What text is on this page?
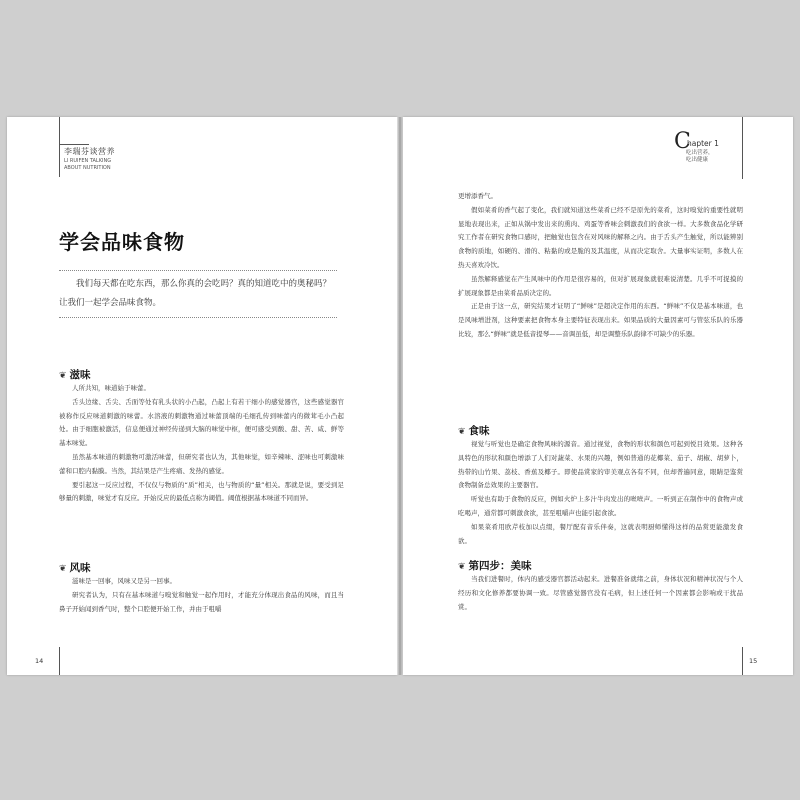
李瑞芬谈营养
LI RUIFEN TALKING
ABOUT NUTRITION
学会品味食物
我们每天都在吃东西，那么你真的会吃吗？真的知道吃中的奥秘吗？让我们一起学会品味食物。
❦ 滋味

人所共知，味道始于味蕾。

舌头边缘、舌尖、舌面等处有乳头状的小凸起，凸起上有若干细小的感觉器官，这些感觉器官被称作反应味道刺激的味蕾。水溶液的刺激物通过味蕾顶端的毛细孔传到味蕾内的微茸毛小凸起处。由于细胞被激活，信息便通过神经传递到大脑的味觉中枢，便可感受到酸、甜、苦、咸、鲜等基本味觉。

虽然基本味道的刺激物可激活味蕾，但研究者也认为，其他味觉，如辛辣味、涩味也可刺激味蕾和口腔内黏膜。当然，其结果是产生疼痛、发热的感觉。

要引起这一反应过程，不仅仅与物质的“质”相关，也与物质的“量”相关。那就是说，要受到足够量的刺激，味觉才有反应。开始反应的最低点称为阈值。阈值根据基本味道不同而异。

❦ 风味

滋味是一回事，风味又是另一回事。

研究者认为，只有在基本味道与嗅觉和触觉一起作用时，才能充分体现出食品的风味，而且当鼻子开始闻到香气时，整个口腔便开始工作，并由于咀嚼

14
C
hapter 1
吃出营养，
吃出健康

更增添香气。

假如菜肴的香气起了变化，我们就知道这些菜肴已经不是原先的菜肴，这时嗅觉的重要性就明显地表现出来，正如从锅中发出来的熏肉、鸡蛋等香味会刺激我们的食欲一样。大多数食品化学研究工作者在研究食物口感时，把触觉也包含在对风味的解释之内。由于舌头产生触觉，所以能辨别食物的质地，如硬的、滑的、粘黏的或是脆的及其温度，从而决定取舍。大量事实证明，多数人在热天喜欢冷饮。

虽然解释感觉在产生风味中的作用是很容易的，但对扩展现象就很难说清楚。几乎不可捉摸的扩展现象都是由菜肴品质决定的。

正是由于这一点，研究结果才证明了“鲜味”是超决定作用的东西。“鲜味”不仅是基本味道，也是风味增进剂，这种要素把食物本身主要特征表现出来。如果品质的大量因素可与管弦乐队的乐器比较，那么“鲜味”就是低音提琴——音调虽低，却是调整乐队韵律不可缺少的乐器。

❦ 食味

视觉与听觉也是确定食物风味的源音。通过视觉，食物的形状和颜色可起到悦目效果。这种各具特色的形状和颜色增添了人们对蔬菜、水果的兴趣，例如普通的花椰菜、茄子、胡椒、胡萝卜，热带的山竹果、荔枝、香蕉及椰子。即使品赏家的审美观点各有不同，但却普遍同意，眼睛是鉴赏食物制备总效果的主要器官。

听觉也有助于食物的反应，例如火炉上多汁牛肉发出的咝咝声。一听到正在制作中的食物声或吃喝声，通常都可刺激食欲，甚至咀嚼声也能引起食欲。

如果菜肴用欧芹枝加以点缀，餐厅配有音乐伴奏，这就表明厨师懂得这样的品赏更能激发食欲。

❦ 第四步：美味

当我们进餐时，体内的感受器官都活动起来。进餐准备就绪之前，身体状况和精神状况与个人经历和文化修养都要协调一致。尽管感觉器官没有毛病，但上述任何一个因素都会影响或干扰品赏。

15
